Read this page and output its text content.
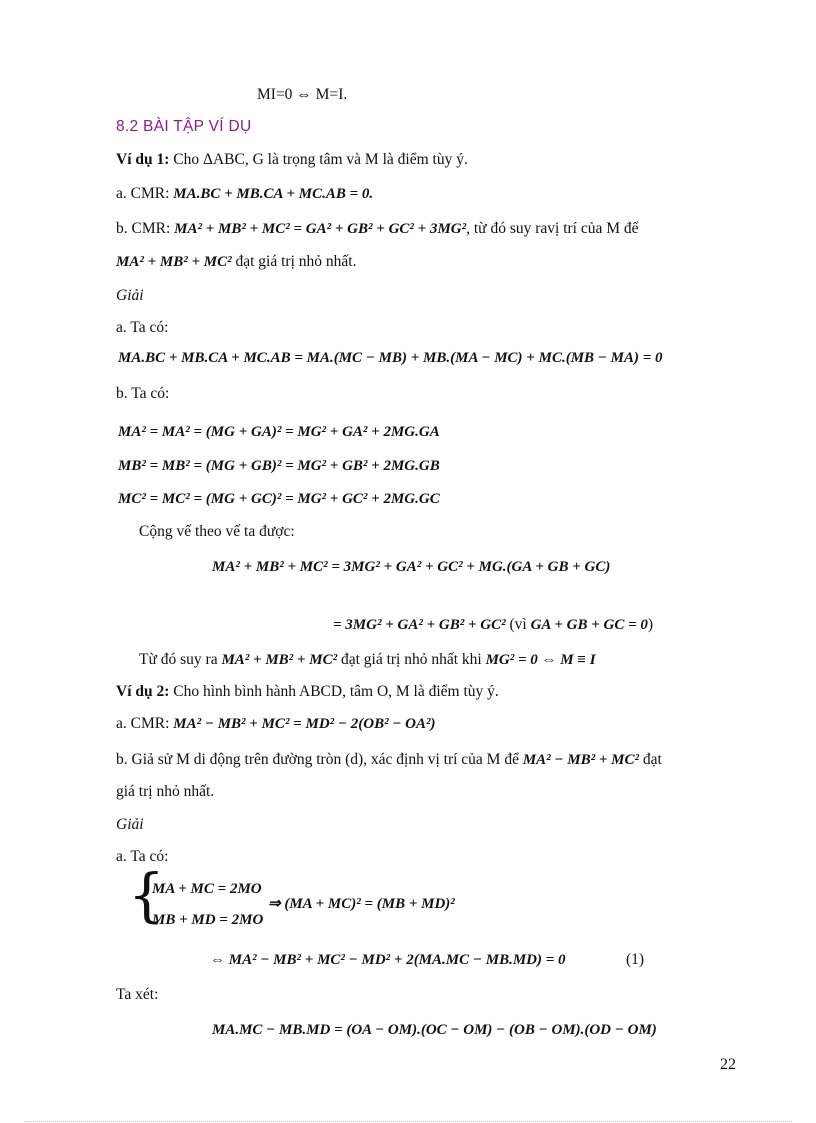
MI=0 ⇔ M=I.
8.2 BÀI TẬP VÍ DỤ
Ví dụ 1: Cho ΔABC, G là trọng tâm và M là điểm tùy ý.
a. CMR: MA.BC + MB.CA + MC.AB = 0.
b. CMR: MA² + MB² + MC² = GA² + GB² + GC² + 3MG², từ đó suy ravị trí của M để
MA² + MB² + MC² đạt giá trị nhỏ nhất.
Giải
a. Ta có:
MA.BC + MB.CA + MC.AB = MA.(MC − MB) + MB.(MA − MC) + MC.(MB − MA) = 0
b. Ta có:
MA² = MA² = (MG + GA)² = MG² + GA² + 2MG.GA
MB² = MB² = (MG + GB)² = MG² + GB² + 2MG.GB
MC² = MC² = (MG + GC)² = MG² + GC² + 2MG.GC
Cộng vế theo vế ta được:
MA² + MB² + MC² = 3MG² + GA² + GC² + MG.(GA + GB + GC)
= 3MG² + GA² + GB² + GC² (vì GA + GB + GC = 0)
Từ đó suy ra MA² + MB² + MC² đạt giá trị nhỏ nhất khi MG² = 0 ⇔ M ≡ I
Ví dụ 2: Cho hình bình hành ABCD, tâm O, M là điểm tùy ý.
a. CMR: MA² − MB² + MC² = MD² − 2(OB² − OA²)
b. Giả sử M di động trên đường tròn (d), xác định vị trí của M để MA² − MB² + MC² đạt
giá trị nhỏ nhất.
Giải
a. Ta có:
{
MA + MC = 2MO
MB + MD = 2MO
⇒ (MA + MC)² = (MB + MD)²
⇔ MA² − MB² + MC² − MD² + 2(MA.MC − MB.MD) = 0	(1)
Ta xét:
MA.MC − MB.MD = (OA − OM).(OC − OM) − (OB − OM).(OD − OM)
22
